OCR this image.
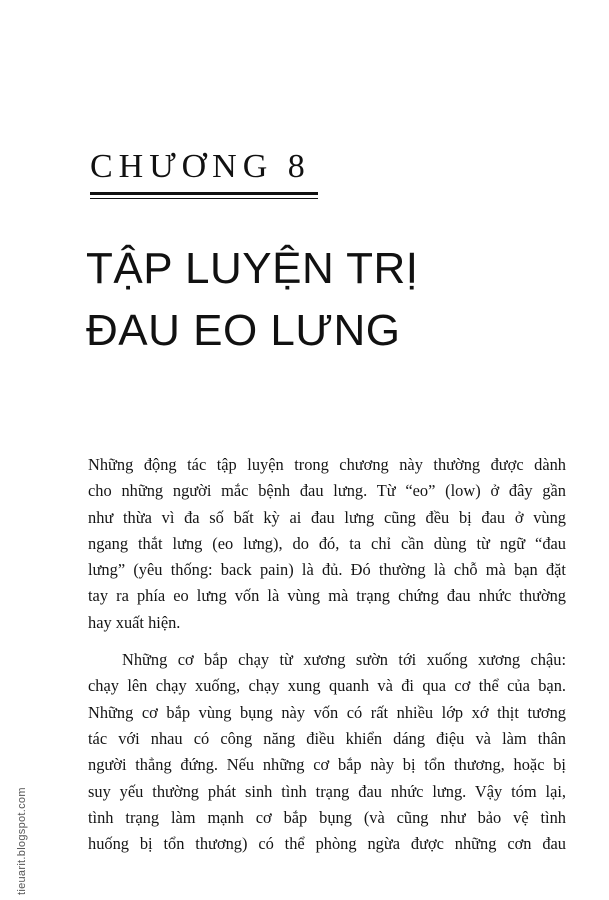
CHƯƠNG 8
TẬP LUYỆN TRỊ
ĐAU EO LƯNG

Những động tác tập luyện trong chương này thường được dành
cho những người mắc bệnh đau lưng. Từ “eo” (low) ở đây gần
như thừa vì đa số bất kỳ ai đau lưng cũng đều bị đau ở vùng
ngang thắt lưng (eo lưng), do đó, ta chỉ cần dùng từ ngữ “đau
lưng” (yêu thống: back pain) là đủ. Đó thường là chỗ mà bạn đặt
tay ra phía eo lưng vốn là vùng mà trạng chứng đau nhức thường
hay xuất hiện.

Những cơ bắp chạy từ xương sườn tới xuống xương chậu:
chạy lên chạy xuống, chạy xung quanh và đi qua cơ thể của bạn.
Những cơ bắp vùng bụng này vốn có rất nhiều lớp xớ thịt tương
tác với nhau có công năng điều khiển dáng điệu và làm thân
người thẳng đứng. Nếu những cơ bắp này bị tổn thương, hoặc bị
suy yếu thường phát sinh tình trạng đau nhức lưng. Vậy tóm lại,
tình trạng làm mạnh cơ bắp bụng (và cũng như bảo vệ tình
huống bị tổn thương) có thể phòng ngừa được những cơn đau

tieuarit.blogspot.com
